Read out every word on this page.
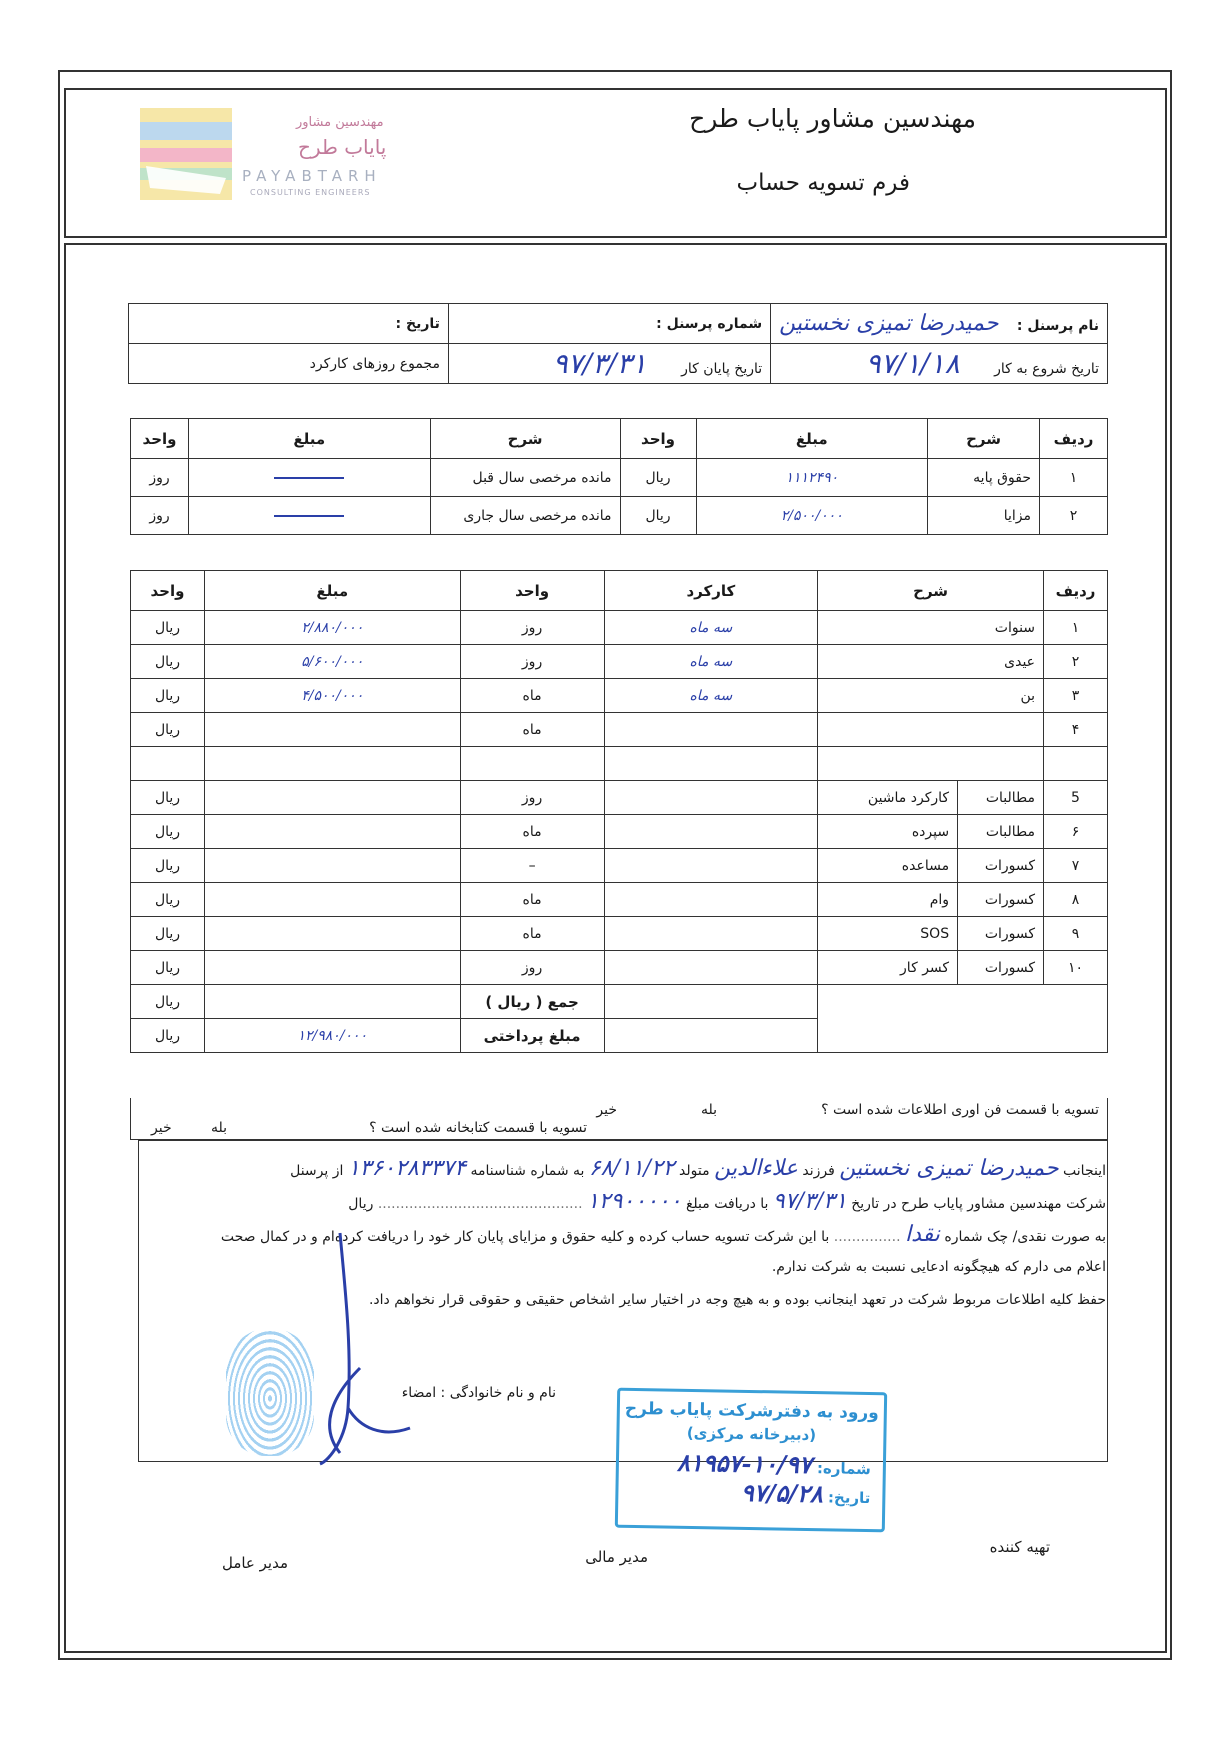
مهندسین مشاور پایاب طرح
فرم تسویه حساب
مهندسین مشاور
پایاب طرح
PAYABTARH
CONSULTING ENGINEERS
نام پرسنل : حمیدرضا تمیزی نخستین	شماره پرسنل :	تاریخ :
تاریخ شروع به کار ۹۷/۱/۱۸	تاریخ پایان کار ۹۷/۳/۳۱	مجموع روزهای کارکرد
ردیف	شرح	مبلغ	واحد	شرح	مبلغ	واحد
۱	حقوق پایه	۱۱۱۲۴۹۰	ریال	مانده مرخصی سال قبل		روز
۲	مزایا	۲/۵۰۰/۰۰۰	ریال	مانده مرخصی سال جاری		روز
ردیف	شرح		کارکرد	واحد	مبلغ	واحد
۱	سنوات		سه ماه	روز	۲/۸۸۰/۰۰۰	ریال
۲	عیدی		سه ماه	روز	۵/۶۰۰/۰۰۰	ریال
۳	بن		سه ماه	ماه	۴/۵۰۰/۰۰۰	ریال
۴				ماه		ریال

5	مطالبات	کارکرد ماشین		روز		ریال
۶	مطالبات	سپرده		ماه		ریال
۷	کسورات	مساعده		–		ریال
۸	کسورات	وام		ماه		ریال
۹	کسورات	SOS		ماه		ریال
۱۰	کسورات	کسر کار		روز		ریال
				جمع ( ریال )		ریال
				مبلغ پرداختی	۱۲/۹۸۰/۰۰۰	ریال
تسویه با قسمت فن اوری اطلاعات شده است ؟
بله
خیر
تسویه با قسمت کتابخانه شده است ؟
بله
خیر
اینجانب حمیدرضا تمیزی نخستین فرزند علاءالدین متولد ۶۸/۱۱/۲۲ به شماره شناسنامه ۱۳۶۰۲۸۳۳۷۴ از پرسنل
شرکت مهندسین مشاور پایاب طرح در تاریخ ۹۷/۳/۳۱ با دریافت مبلغ ۱۲۹۰۰۰۰۰ .............................................. ریال
به صورت نقدی/ چک شماره نقدا ............... با این شرکت تسویه حساب کرده و کلیه حقوق و مزایای پایان کار خود را دریافت کرده‌ام و در کمال صحت
اعلام می دارم که هیچگونه ادعایی نسبت به شرکت ندارم.
حفظ کلیه اطلاعات مربوط شرکت در تعهد اینجانب بوده و به هیچ وجه در اختیار سایر اشخاص حقیقی و حقوقی قرار نخواهم داد.
نام و نام خانوادگی : امضاء
ورود به دفترشرکت پایاب طرح
(دبیرخانه مرکزی)
شماره: ۱۰/۹۷-۸۱۹۵۷
تاریخ: ۹۷/۵/۲۸
تهیه کننده
مدیر مالی
مدیر عامل
